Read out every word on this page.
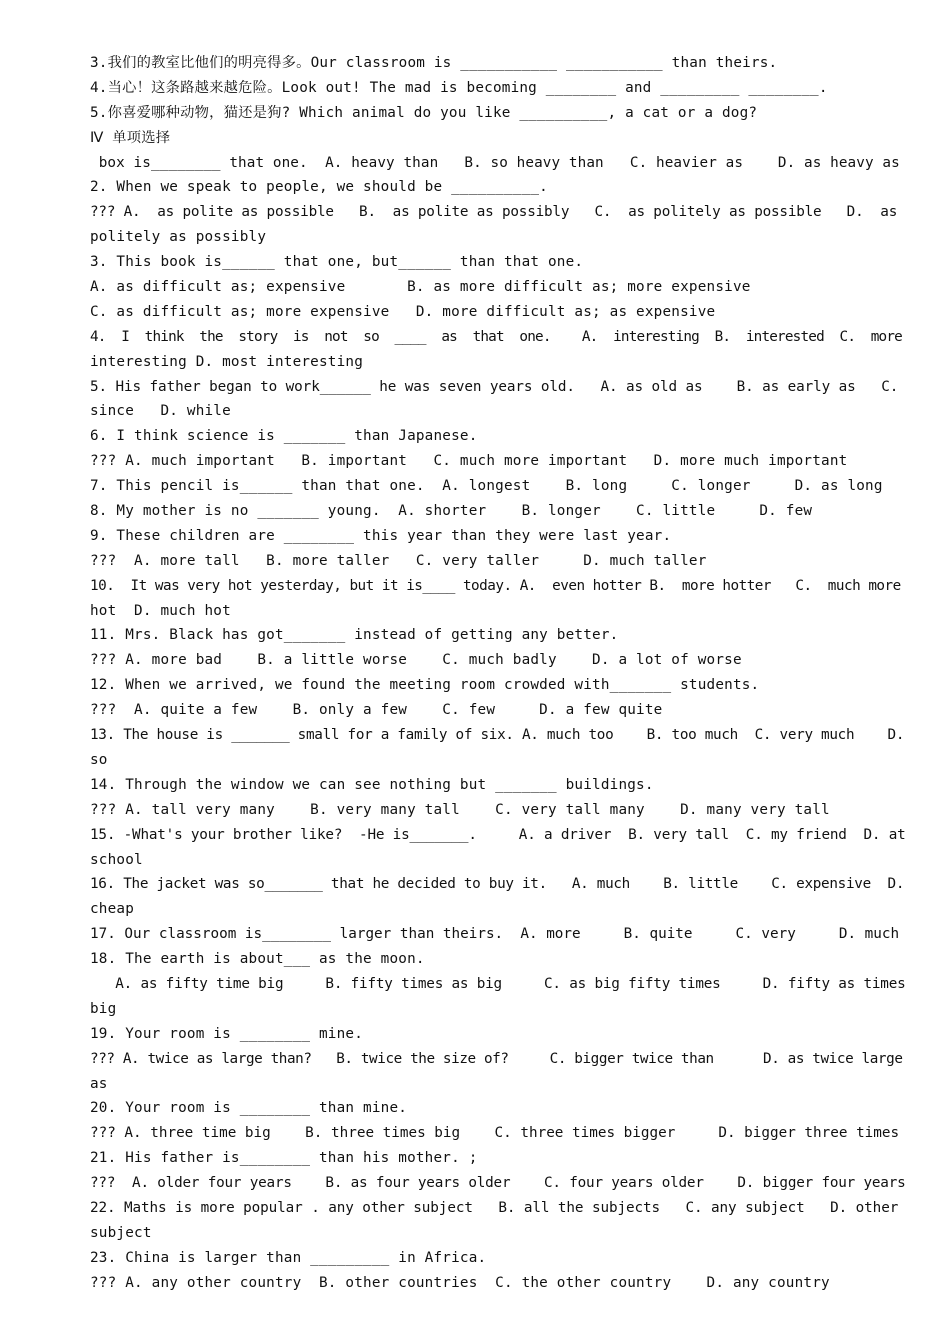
3.我们的教室比他们的明亮得多。Our classroom is ___________ ___________ than theirs.
4.当心！这条路越来越危险。Look out! The mad is becoming ________ and _________ ________.
5.你喜爱哪种动物，猫还是狗? Which animal do you like __________, a cat or a dog?
Ⅳ 单项选择
box is________ that one.  A. heavy than   B. so heavy than   C. heavier as    D. as heavy as
2. When we speak to people, we should be __________.
??? A.  as polite as possible   B.  as polite as possibly   C.  as politely as possible   D.  as
politely as possibly
3. This book is______ that one, but______ than that one.
A. as difficult as; expensive       B. as more difficult as; more expensive
C. as difficult as; more expensive   D. more difficult as; as expensive
4.  I  think  the  story  is  not  so  ____  as  that  one.    A.  interesting  B.  interested  C.  more
interesting D. most interesting
5. His father began to work______ he was seven years old.   A. as old as    B. as early as   C.
since   D. while
6. I think science is _______ than Japanese.
??? A. much important   B. important   C. much more important   D. more much important
7. This pencil is______ than that one.  A. longest    B. long     C. longer     D. as long
8. My mother is no _______ young.  A. shorter    B. longer    C. little     D. few
9. These children are ________ this year than they were last year.
???  A. more tall   B. more taller   C. very taller     D. much taller
10.  It was very hot yesterday, but it is____ today. A.  even hotter B.  more hotter   C.  much more
hot  D. much hot
11. Mrs. Black has got_______ instead of getting any better.
??? A. more bad    B. a little worse    C. much badly    D. a lot of worse
12. When we arrived, we found the meeting room crowded with_______ students.
???  A. quite a few    B. only a few    C. few     D. a few quite
13. The house is _______ small for a family of six. A. much too    B. too much  C. very much    D.
so
14. Through the window we can see nothing but _______ buildings.
??? A. tall very many    B. very many tall    C. very tall many    D. many very tall
15. -What's your brother like?  -He is_______.     A. a driver  B. very tall  C. my friend  D. at
school
16. The jacket was so_______ that he decided to buy it.   A. much    B. little    C. expensive  D.
cheap
17. Our classroom is________ larger than theirs.  A. more     B. quite     C. very     D. much
18. The earth is about___ as the moon.
A. as fifty time big     B. fifty times as big     C. as big fifty times     D. fifty as times
big
19. Your room is ________ mine.
??? A. twice as large than?   B. twice the size of?     C. bigger twice than      D. as twice large
as
20. Your room is ________ than mine.
??? A. three time big    B. three times big    C. three times bigger     D. bigger three times
21. His father is________ than his mother. ;
???  A. older four years    B. as four years older    C. four years older    D. bigger four years
22. Maths is more popular . any other subject   B. all the subjects   C. any subject   D. other
subject
23. China is larger than _________ in Africa.
??? A. any other country  B. other countries  C. the other country    D. any country
